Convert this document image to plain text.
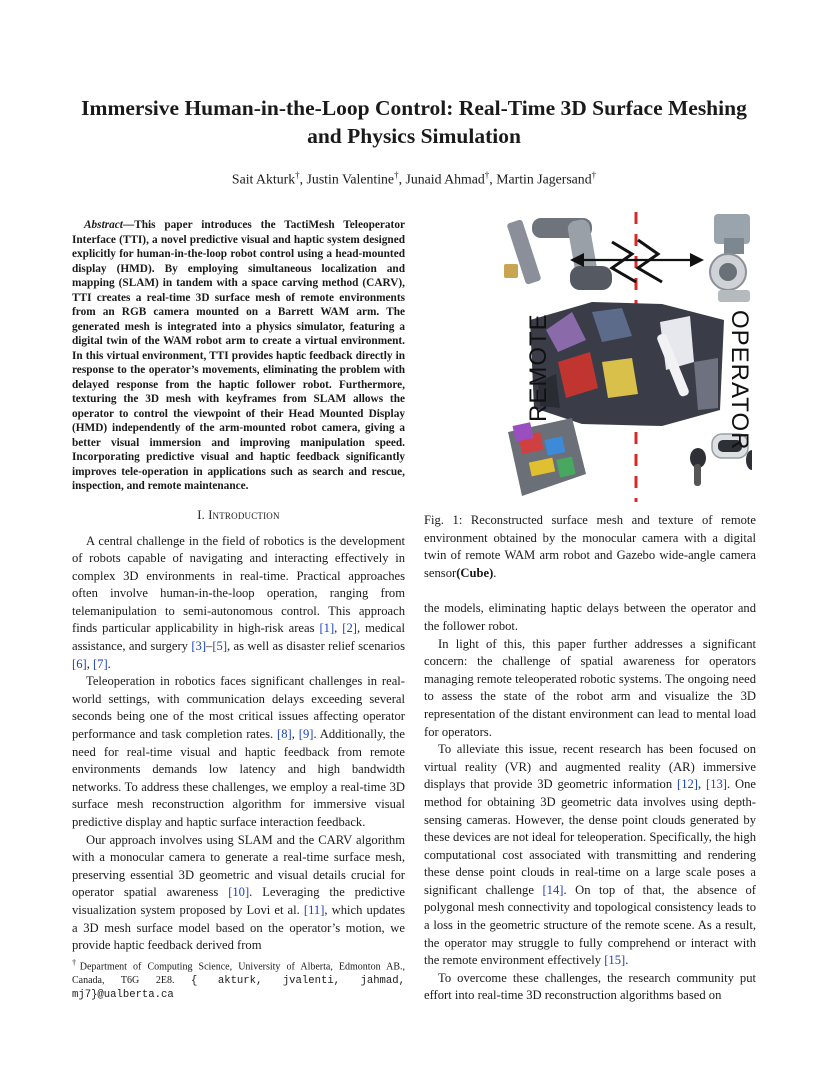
Immersive Human-in-the-Loop Control: Real-Time 3D Surface Meshing
and Physics Simulation
Sait Akturk†, Justin Valentine†, Junaid Ahmad†, Martin Jagersand†

Abstract—This paper introduces the TactiMesh Teleoperator Interface (TTI), a novel predictive visual and haptic system designed explicitly for human-in-the-loop robot control using a head-mounted display (HMD). By employing simultaneous localization and mapping (SLAM) in tandem with a space carving method (CARV), TTI creates a real-time 3D surface mesh of remote environments from an RGB camera mounted on a Barrett WAM arm. The generated mesh is integrated into a physics simulator, featuring a digital twin of the WAM robot arm to create a virtual environment. In this virtual environment, TTI provides haptic feedback directly in response to the operator’s movements, eliminating the problem with delayed response from the haptic follower robot. Furthermore, texturing the 3D mesh with keyframes from SLAM allows the operator to control the viewpoint of their Head Mounted Display (HMD) independently of the arm-mounted robot camera, giving a better visual immersion and improving manipulation speed. Incorporating predictive visual and haptic feedback significantly improves tele-operation in applications such as search and rescue, inspection, and remote maintenance.

I. Introduction

A central challenge in the field of robotics is the development of robots capable of navigating and interacting effectively in complex 3D environments in real-time. Practical approaches often involve human-in-the-loop operation, ranging from telemanipulation to semi-autonomous control. This approach finds particular applicability in high-risk areas [1], [2], medical assistance, and surgery [3]–[5], as well as disaster relief scenarios [6], [7].

Teleoperation in robotics faces significant challenges in real-world settings, with communication delays exceeding several seconds being one of the most critical issues affecting operator performance and task completion rates. [8], [9]. Additionally, the need for real-time visual and haptic feedback from remote environments demands low latency and high bandwidth networks. To address these challenges, we employ a real-time 3D surface mesh reconstruction algorithm for immersive visual predictive display and haptic surface interaction feedback.

Our approach involves using SLAM and the CARV algorithm with a monocular camera to generate a real-time surface mesh, preserving essential 3D geometric and visual details crucial for operator spatial awareness [10]. Leveraging the predictive visualization system proposed by Lovi et al. [11], which updates a 3D mesh surface model based on the operator’s motion, we provide haptic feedback derived from

†Department of Computing Science, University of Alberta, Edmonton AB., Canada, T6G 2E8. { akturk, jvalenti, jahmad, mj7}@ualberta.ca
REMOTE	OPERATOR

Fig. 1: Reconstructed surface mesh and texture of remote environment obtained by the monocular camera with a digital twin of remote WAM arm robot and Gazebo wide-angle camera sensor(Cube).

the models, eliminating haptic delays between the operator and the follower robot.

In light of this, this paper further addresses a significant concern: the challenge of spatial awareness for operators managing remote teleoperated robotic systems. The ongoing need to assess the state of the robot arm and visualize the 3D representation of the distant environment can lead to mental load for operators.

To alleviate this issue, recent research has been focused on virtual reality (VR) and augmented reality (AR) immersive displays that provide 3D geometric information [12], [13]. One method for obtaining 3D geometric data involves using depth-sensing cameras. However, the dense point clouds generated by these devices are not ideal for teleoperation. Specifically, the high computational cost associated with transmitting and rendering these dense point clouds in real-time on a large scale poses a significant challenge [14]. On top of that, the absence of polygonal mesh connectivity and topological consistency leads to a loss in the geometric structure of the remote scene. As a result, the operator may struggle to fully comprehend or interact with the remote environment effectively [15].

To overcome these challenges, the research community put effort into real-time 3D reconstruction algorithms based on
